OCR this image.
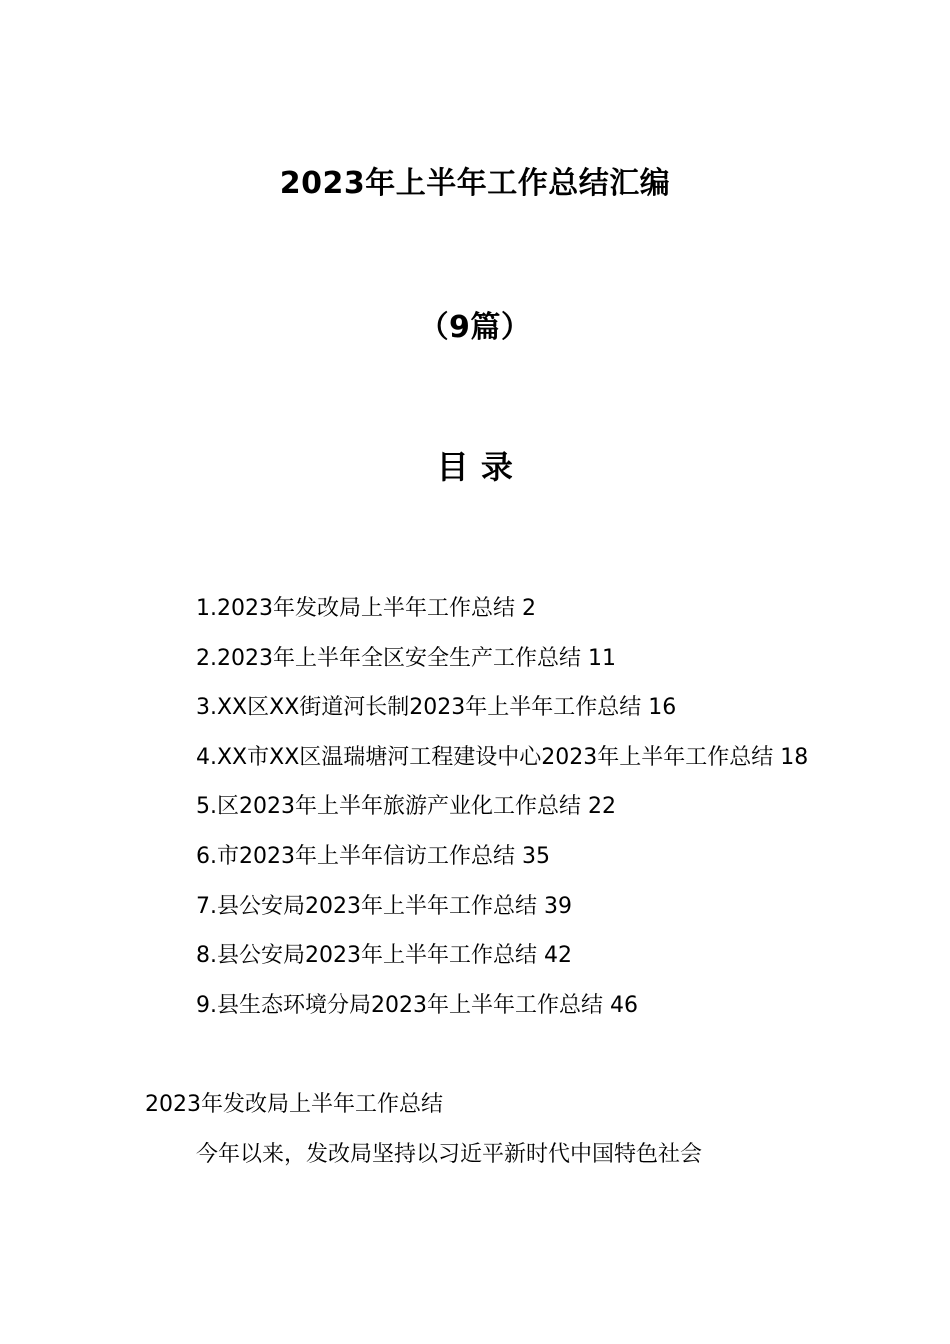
2023年上半年工作总结汇编
（9篇）
目 录
1.2023年发改局上半年工作总结 2
2.2023年上半年全区安全生产工作总结 11
3.XX区XX街道河长制2023年上半年工作总结 16
4.XX市XX区温瑞塘河工程建设中心2023年上半年工作总结 18
5.区2023年上半年旅游产业化工作总结 22
6.市2023年上半年信访工作总结 35
7.县公安局2023年上半年工作总结 39
8.县公安局2023年上半年工作总结 42
9.县生态环境分局2023年上半年工作总结 46
2023年发改局上半年工作总结
今年以来，发改局坚持以习近平新时代中国特色社会
